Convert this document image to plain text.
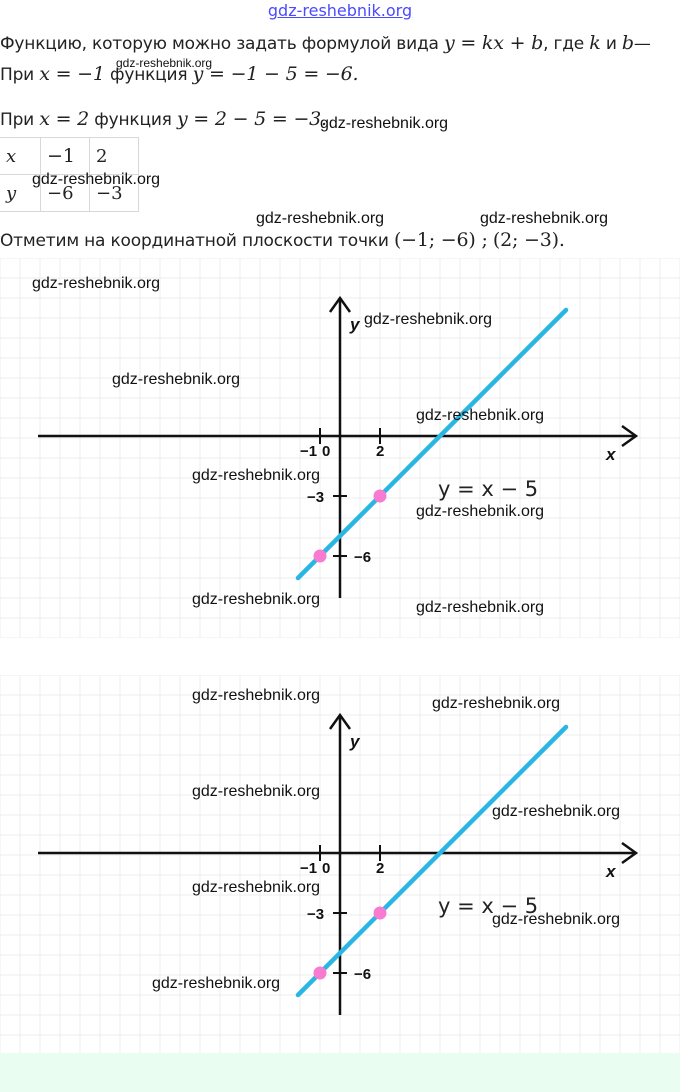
gdz-reshebnik.org
Функцию, которую можно задать формулой вида y = kx + b, где k и b—
gdz-reshebnik.org
При x = −1 функция y = −1 − 5 = −6.
При x = 2 функция y = 2 − 5 = −3.
gdz-reshebnik.org
x	−1	2
y	−6	−3
gdz-reshebnik.org
gdz-reshebnik.org	gdz-reshebnik.org
Отметим на координатной плоскости точки (−1; −6) ; (2; −3).
−1 0	2
−3
−6
x
y
y = x − 5
−1 0	2
−3
−6
x
y
y = x − 5
gdz-reshebnik.org
gdz-reshebnik.org
gdz-reshebnik.org
gdz-reshebnik.org
gdz-reshebnik.org
gdz-reshebnik.org
gdz-reshebnik.org	gdz-reshebnik.org
gdz-reshebnik.org	gdz-reshebnik.org
gdz-reshebnik.org
gdz-reshebnik.org
gdz-reshebnik.org
gdz-reshebnik.org
gdz-reshebnik.org
